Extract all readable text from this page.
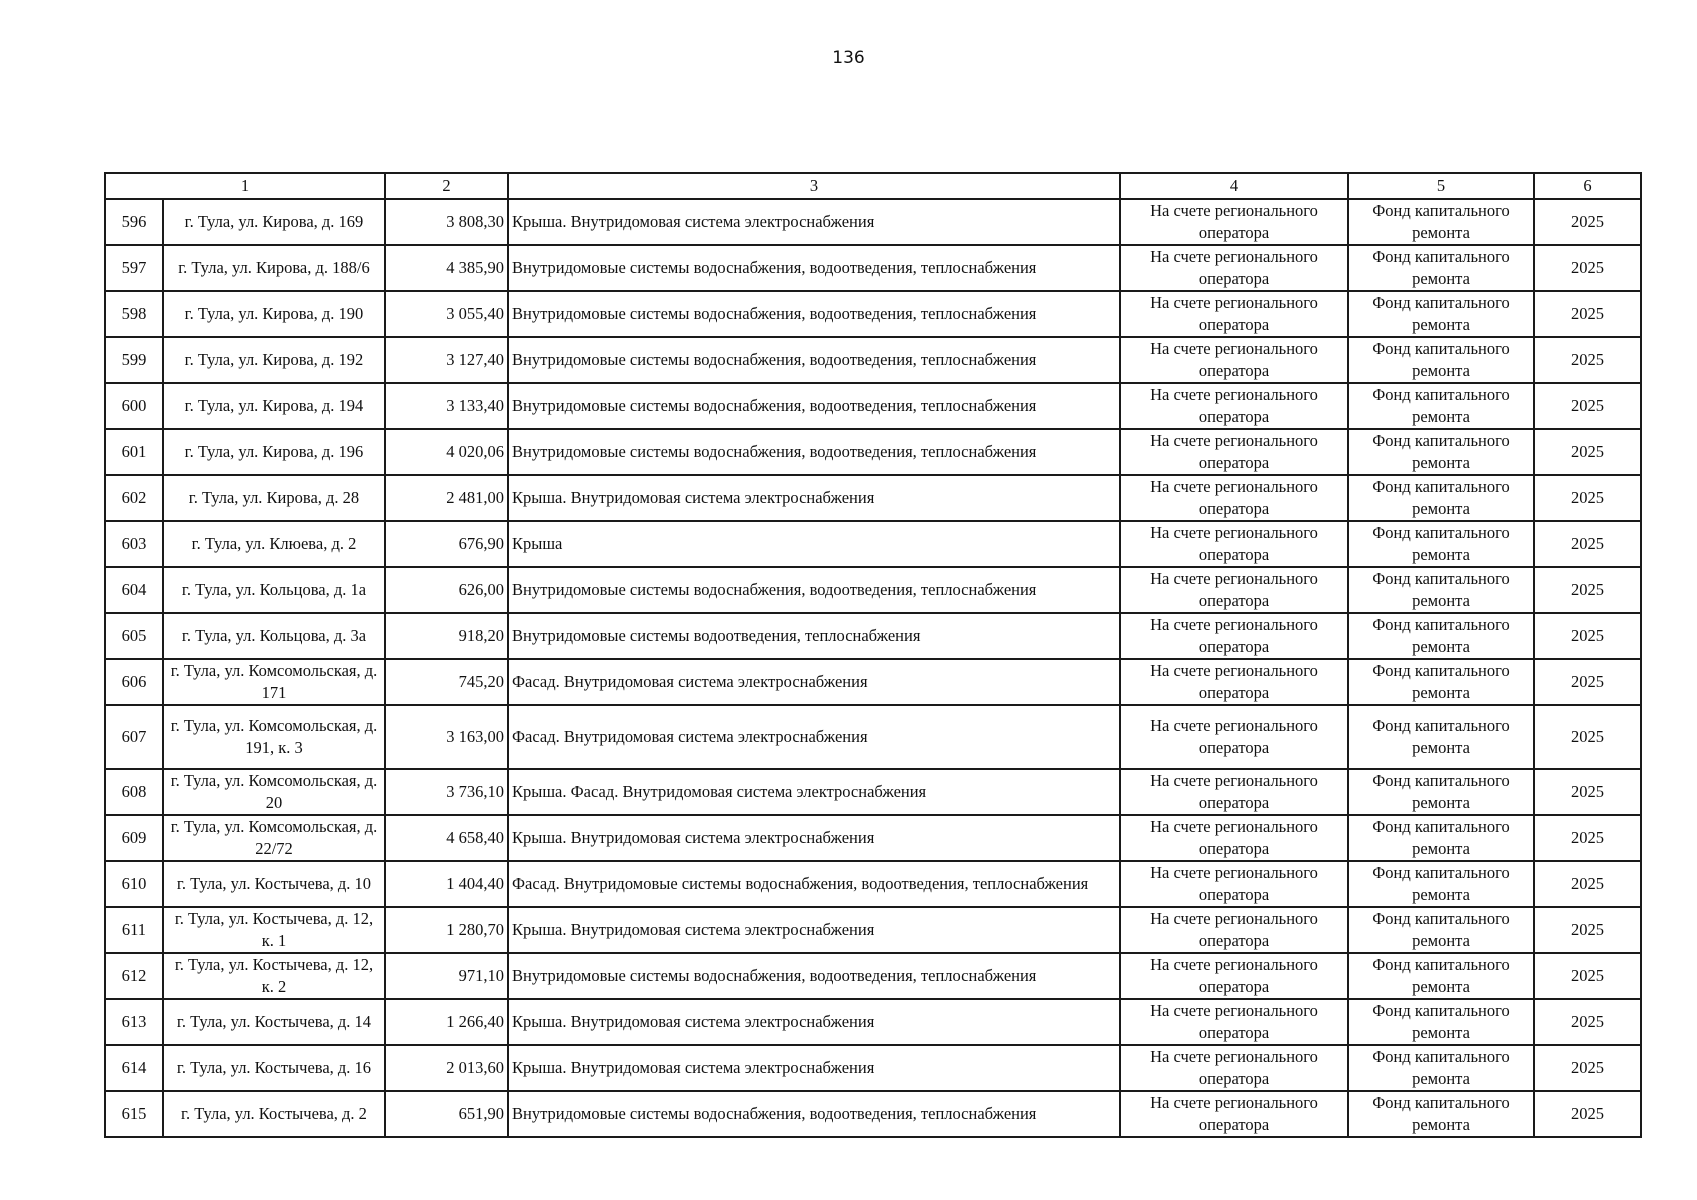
136
1		2	3	4	5	6
596	г. Тула, ул. Кирова, д. 169	3 808,30	Крыша. Внутридомовая система электроснабжения	На счете регионального оператора	Фонд капитального ремонта	2025
597	г. Тула, ул. Кирова, д. 188/6	4 385,90	Внутридомовые системы водоснабжения, водоотведения, теплоснабжения	На счете регионального оператора	Фонд капитального ремонта	2025
598	г. Тула, ул. Кирова, д. 190	3 055,40	Внутридомовые системы водоснабжения, водоотведения, теплоснабжения	На счете регионального оператора	Фонд капитального ремонта	2025
599	г. Тула, ул. Кирова, д. 192	3 127,40	Внутридомовые системы водоснабжения, водоотведения, теплоснабжения	На счете регионального оператора	Фонд капитального ремонта	2025
600	г. Тула, ул. Кирова, д. 194	3 133,40	Внутридомовые системы водоснабжения, водоотведения, теплоснабжения	На счете регионального оператора	Фонд капитального ремонта	2025
601	г. Тула, ул. Кирова, д. 196	4 020,06	Внутридомовые системы водоснабжения, водоотведения, теплоснабжения	На счете регионального оператора	Фонд капитального ремонта	2025
602	г. Тула, ул. Кирова, д. 28	2 481,00	Крыша. Внутридомовая система электроснабжения	На счете регионального оператора	Фонд капитального ремонта	2025
603	г. Тула, ул. Клюева, д. 2	676,90	Крыша	На счете регионального оператора	Фонд капитального ремонта	2025
604	г. Тула, ул. Кольцова, д. 1а	626,00	Внутридомовые системы водоснабжения, водоотведения, теплоснабжения	На счете регионального оператора	Фонд капитального ремонта	2025
605	г. Тула, ул. Кольцова, д. 3а	918,20	Внутридомовые системы водоотведения, теплоснабжения	На счете регионального оператора	Фонд капитального ремонта	2025
606	г. Тула, ул. Комсомольская, д. 171	745,20	Фасад. Внутридомовая система электроснабжения	На счете регионального оператора	Фонд капитального ремонта	2025
607	г. Тула, ул. Комсомольская, д. 191, к. 3	3 163,00	Фасад. Внутридомовая система электроснабжения	На счете регионального оператора	Фонд капитального ремонта	2025
608	г. Тула, ул. Комсомольская, д. 20	3 736,10	Крыша. Фасад. Внутридомовая система электроснабжения	На счете регионального оператора	Фонд капитального ремонта	2025
609	г. Тула, ул. Комсомольская, д. 22/72	4 658,40	Крыша. Внутридомовая система электроснабжения	На счете регионального оператора	Фонд капитального ремонта	2025
610	г. Тула, ул. Костычева, д. 10	1 404,40	Фасад. Внутридомовые системы водоснабжения, водоотведения, теплоснабжения	На счете регионального оператора	Фонд капитального ремонта	2025
611	г. Тула, ул. Костычева, д. 12, к. 1	1 280,70	Крыша. Внутридомовая система электроснабжения	На счете регионального оператора	Фонд капитального ремонта	2025
612	г. Тула, ул. Костычева, д. 12, к. 2	971,10	Внутридомовые системы водоснабжения, водоотведения, теплоснабжения	На счете регионального оператора	Фонд капитального ремонта	2025
613	г. Тула, ул. Костычева, д. 14	1 266,40	Крыша. Внутридомовая система электроснабжения	На счете регионального оператора	Фонд капитального ремонта	2025
614	г. Тула, ул. Костычева, д. 16	2 013,60	Крыша. Внутридомовая система электроснабжения	На счете регионального оператора	Фонд капитального ремонта	2025
615	г. Тула, ул. Костычева, д. 2	651,90	Внутридомовые системы водоснабжения, водоотведения, теплоснабжения	На счете регионального оператора	Фонд капитального ремонта	2025
